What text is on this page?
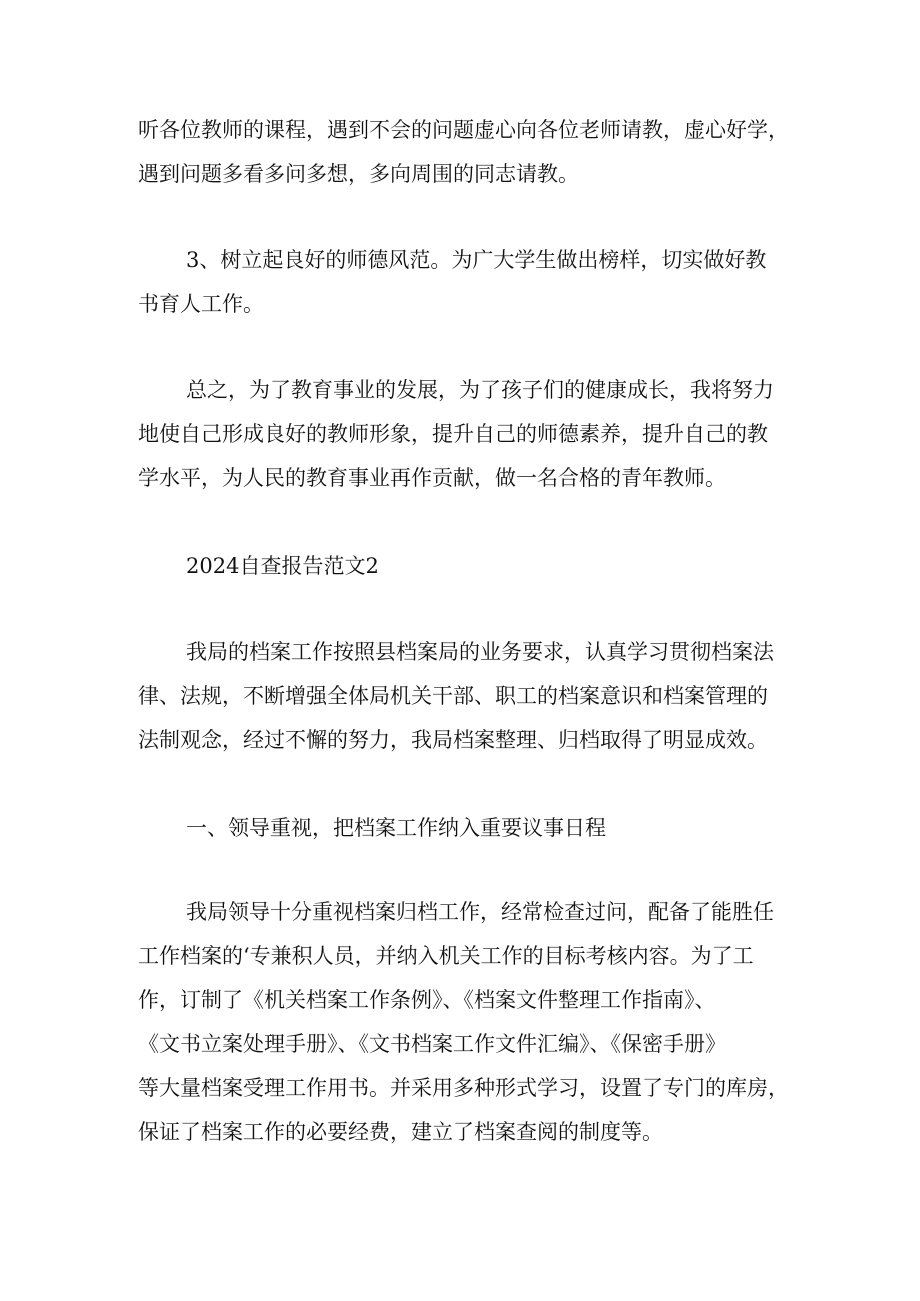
听各位教师的课程，遇到不会的问题虚心向各位老师请教，虚心好学，
遇到问题多看多问多想，多向周围的同志请教。
3、树立起良好的师德风范。为广大学生做出榜样，切实做好教
书育人工作。
总之，为了教育事业的发展，为了孩子们的健康成长，我将努力
地使自己形成良好的教师形象，提升自己的师德素养，提升自己的教
学水平，为人民的教育事业再作贡献，做一名合格的青年教师。
2024自查报告范文2
我局的档案工作按照县档案局的业务要求，认真学习贯彻档案法
律、法规，不断增强全体局机关干部、职工的档案意识和档案管理的
法制观念，经过不懈的努力，我局档案整理、归档取得了明显成效。
一、领导重视，把档案工作纳入重要议事日程
我局领导十分重视档案归档工作，经常检查过问，配备了能胜任
工作档案的‘专兼积人员，并纳入机关工作的目标考核内容。为了工
作，订制了《机关档案工作条例》、《档案文件整理工作指南》、
《文书立案处理手册》、《文书档案工作文件汇编》、《保密手册》
等大量档案受理工作用书。并采用多种形式学习，设置了专门的库房，
保证了档案工作的必要经费，建立了档案查阅的制度等。
